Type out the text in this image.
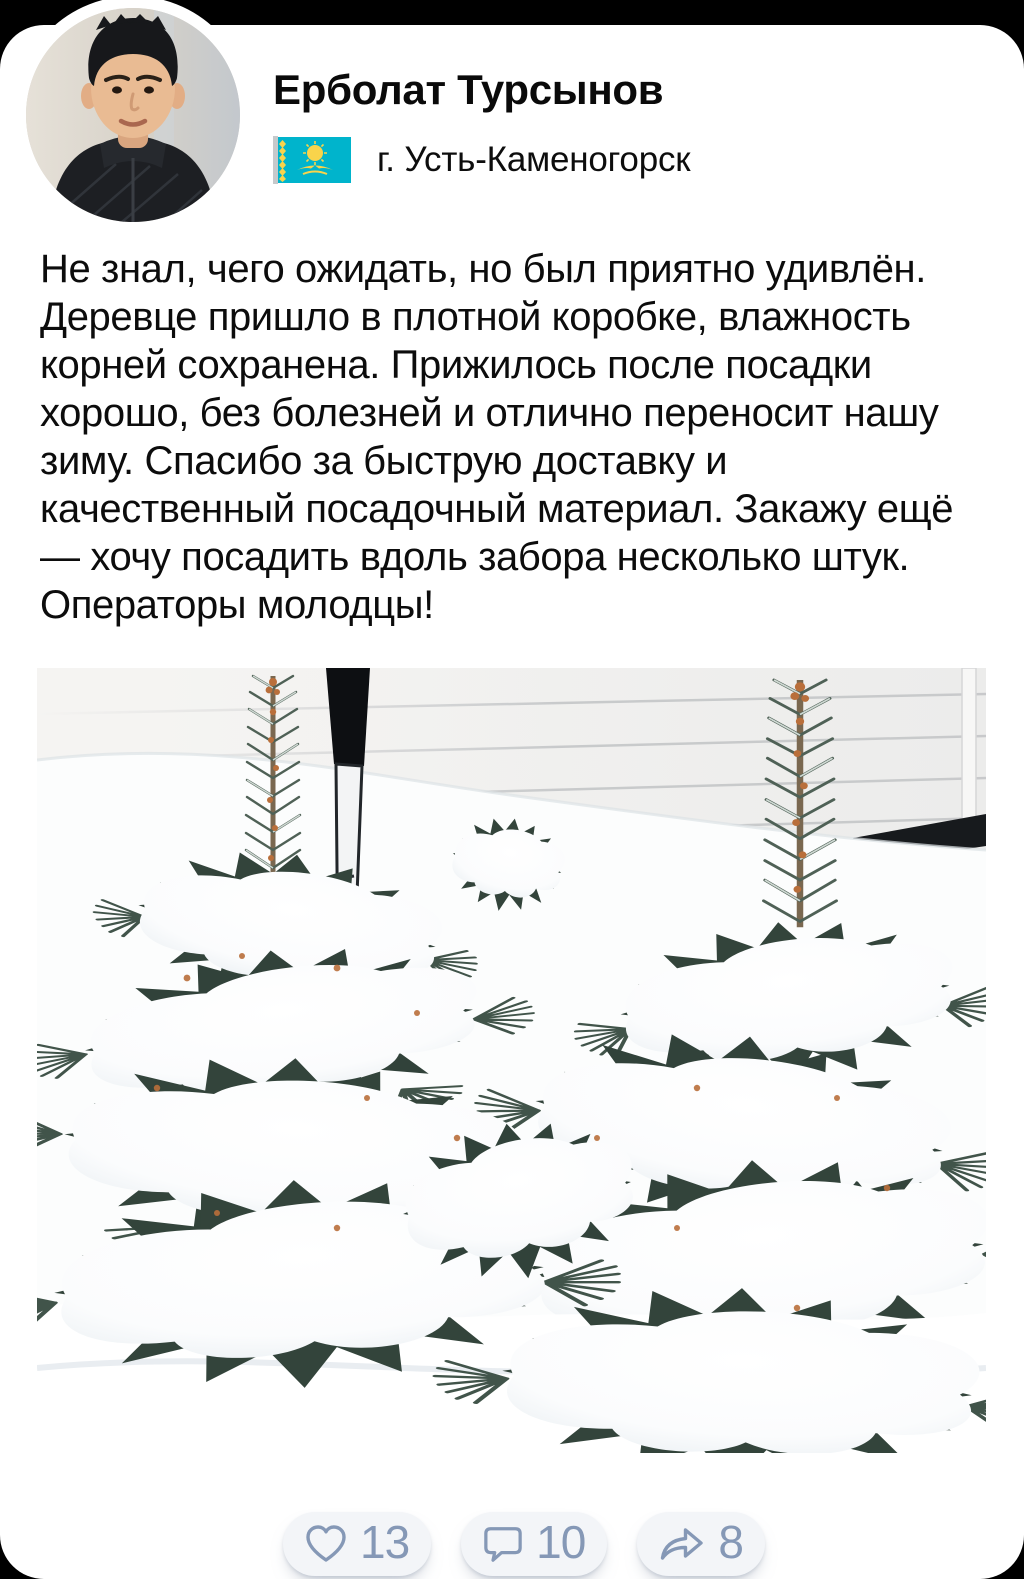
Не знал, чего ожидать, но был приятно удивлён. Деревце пришло в плотной коробке, влажность корней сохранена. Прижилось после посадки хорошо, без болезней и отлично переносит нашу зиму. Спасибо за быструю доставку и качественный посадочный материал. Закажу ещё — хочу посадить вдоль забора несколько штук. Операторы молодцы!
13	10	8
Ерболат Турсынов
г. Усть-Каменогорск
